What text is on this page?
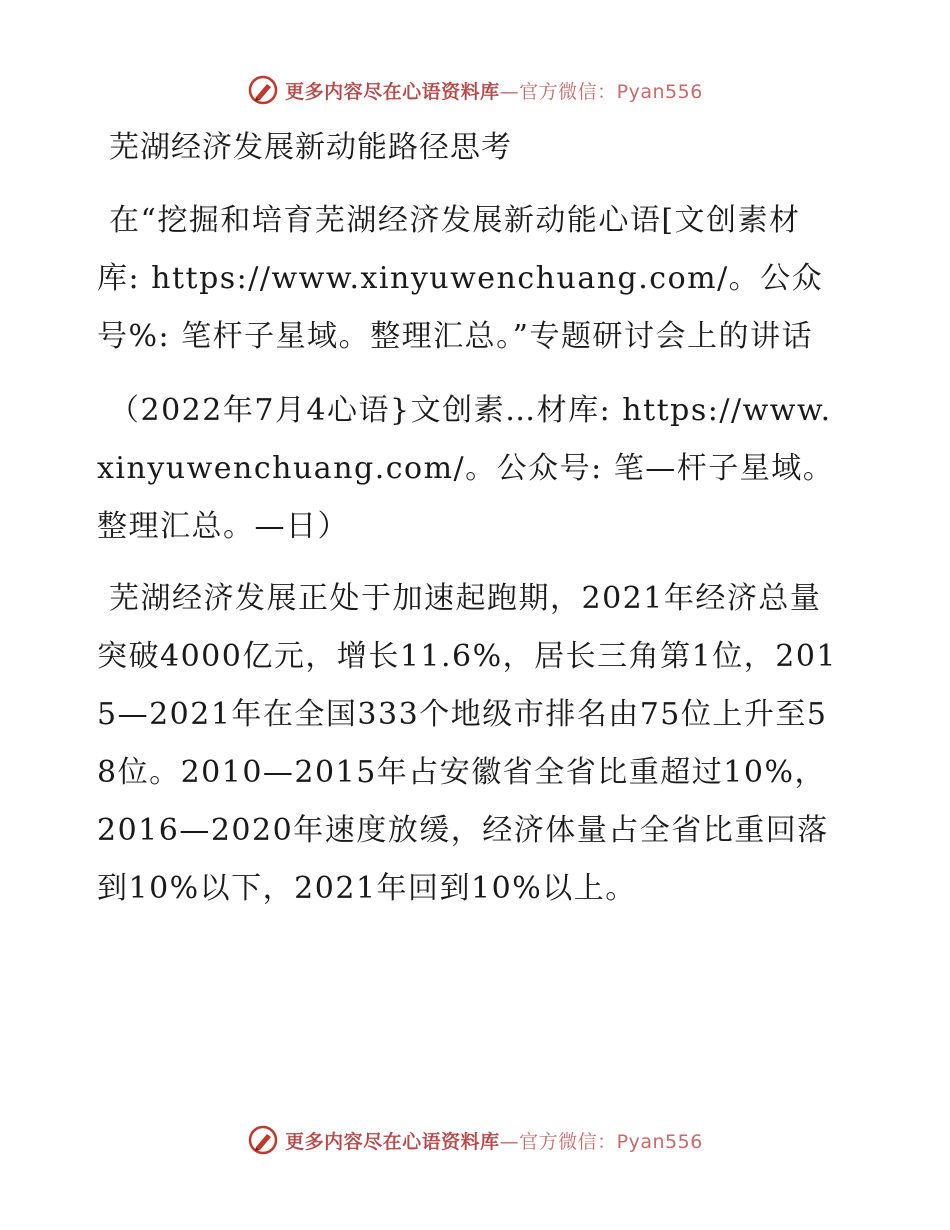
更多内容尽在心语资料库—官方微信：Pyan556
芜湖经济发展新动能路径思考

在“挖掘和培育芜湖经济发展新动能心语[文创素材库: https://www.xinyuwenchuang.com/。公众号%: 笔杆子星域。整理汇总。”专题研讨会上的讲话

（2022年7月4心语}文创素…材库: https://www.xinyuwenchuang.com/。公众号: 笔—杆子星域。整理汇总。—日）

芜湖经济发展正处于加速起跑期，2021年经济总量突破4000亿元，增长11.6%，居长三角第1位，2015—2021年在全国333个地级市排名由75位上升至58位。2010—2015年占安徽省全省比重超过10%，2016—2020年速度放缓，经济体量占全省比重回落到10%以下，2021年回到10%以上。

更多内容尽在心语资料库—官方微信：Pyan556
